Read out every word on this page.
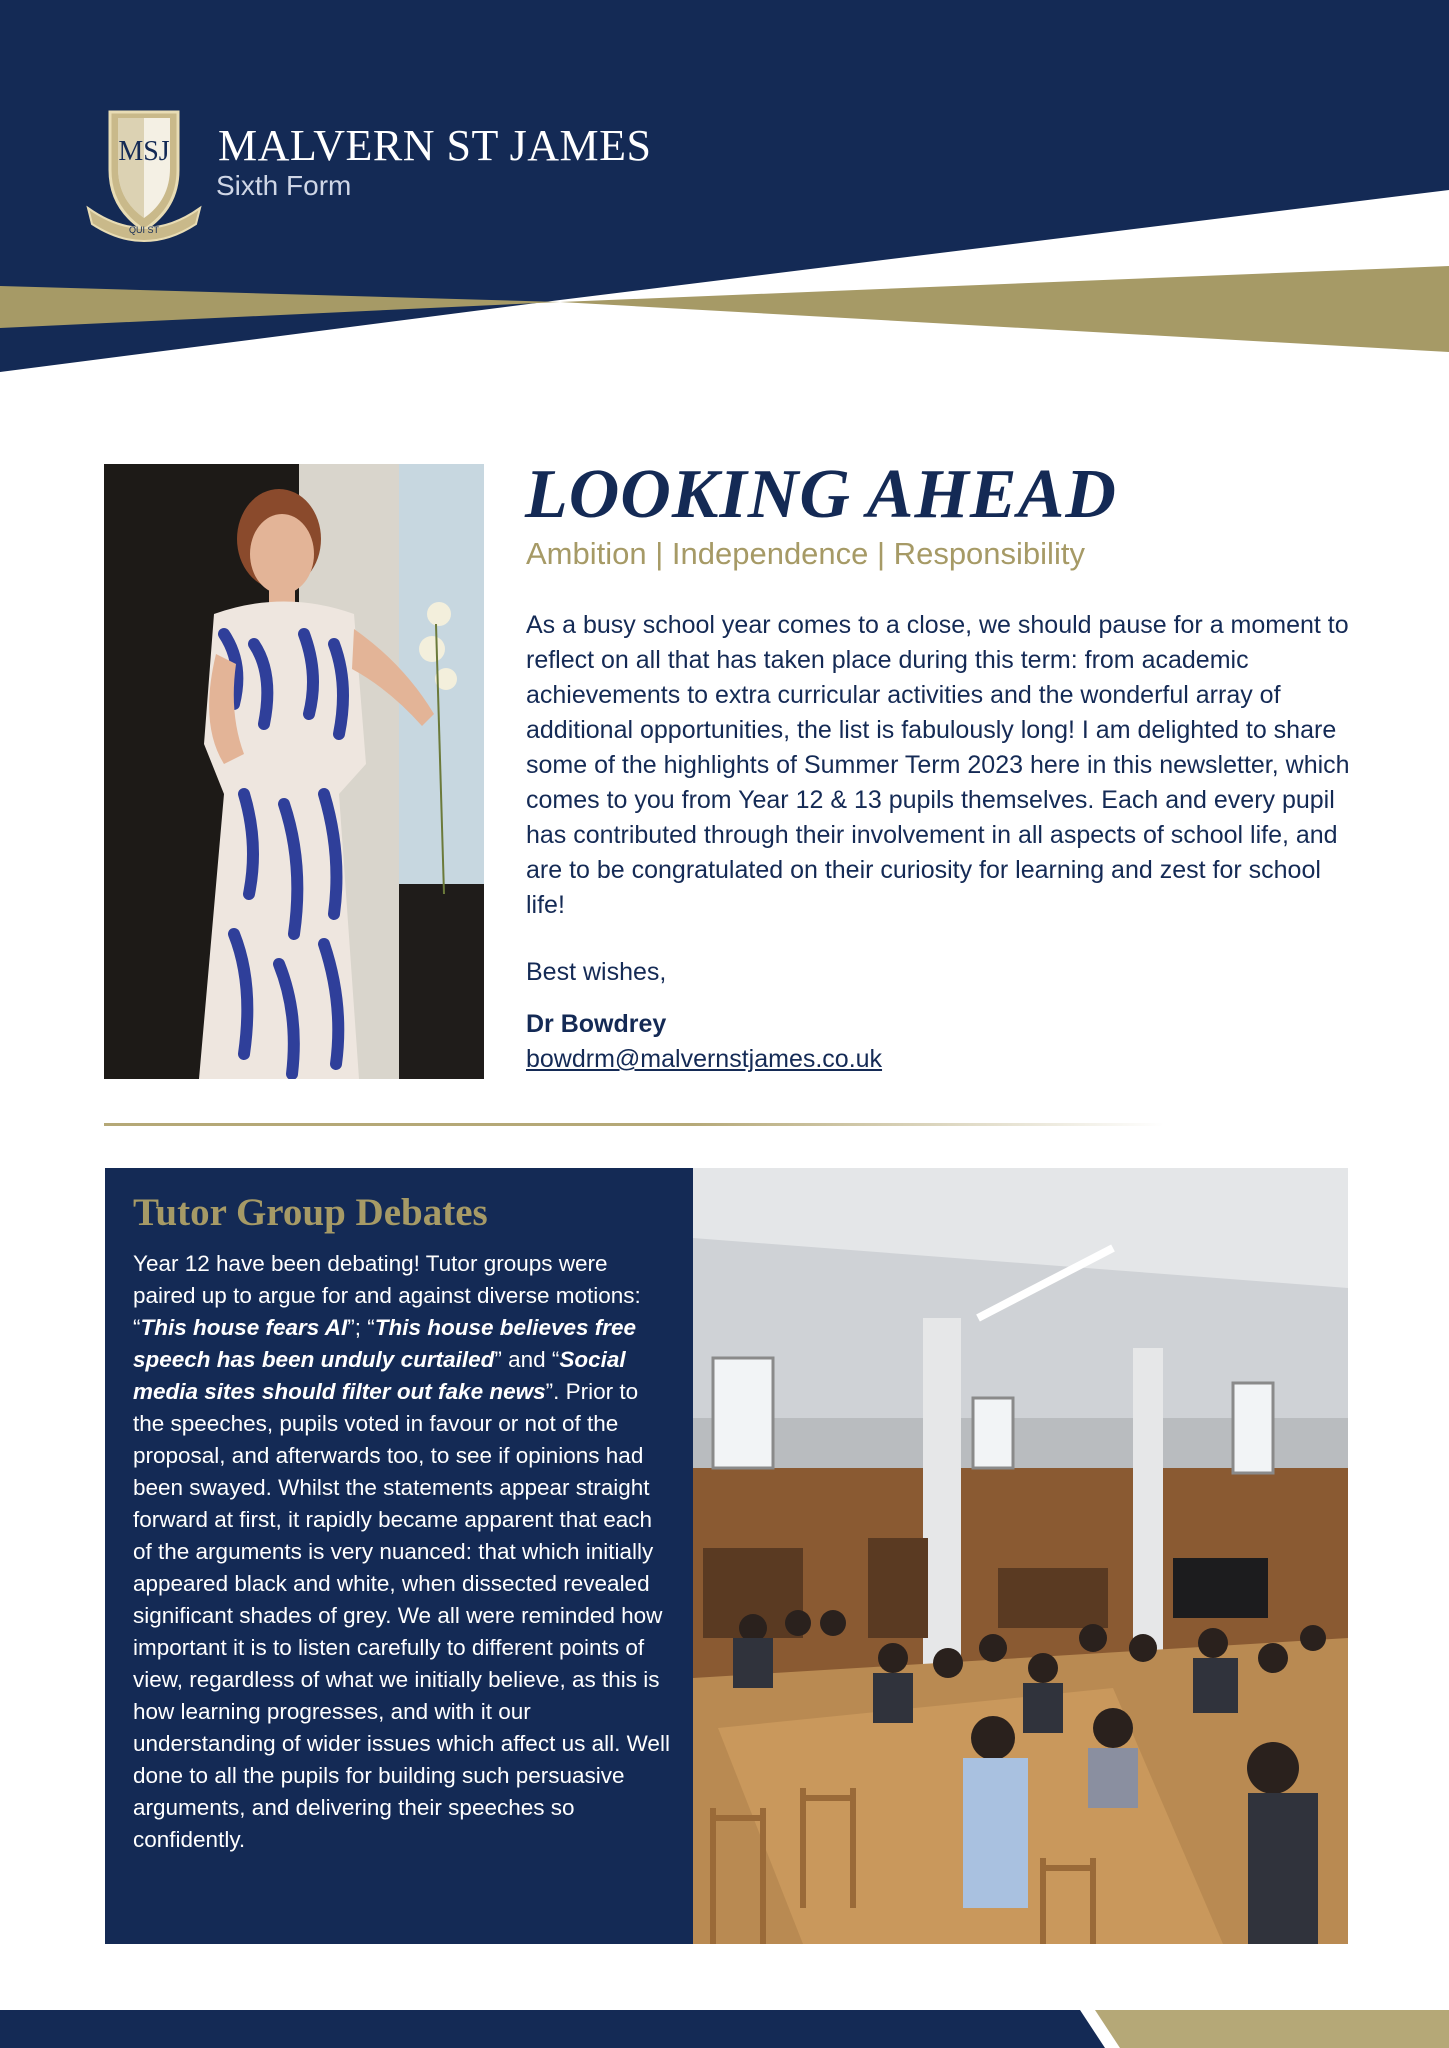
MSJ
QUI ST
MALVERN ST JAMES
Sixth Form
LOOKING AHEAD
Ambition | Independence | Responsibility

As a busy school year comes to a close, we should pause for a moment to reflect on all that has taken place during this term: from academic achievements to extra curricular activities and the wonderful array of additional opportunities, the list is fabulously long! I am delighted to share some of the highlights of Summer Term 2023 here in this newsletter, which comes to you from Year 12 & 13 pupils themselves. Each and every pupil has contributed through their involvement in all aspects of school life, and are to be congratulated on their curiosity for learning and zest for school life!

Best wishes,
Dr Bowdrey
bowdrm@malvernstjames.co.uk
Tutor Group Debates

Year 12 have been debating! Tutor groups were paired up to argue for and against diverse motions: “This house fears AI”; “This house believes free speech has been unduly curtailed” and “Social media sites should filter out fake news”. Prior to the speeches, pupils voted in favour or not of the proposal, and afterwards too, to see if opinions had been swayed. Whilst the statements appear straight forward at first, it rapidly became apparent that each of the arguments is very nuanced: that which initially appeared black and white, when dissected revealed significant shades of grey. We all were reminded how important it is to listen carefully to different points of view, regardless of what we initially believe, as this is how learning progresses, and with it our understanding of wider issues which affect us all. Well done to all the pupils for building such persuasive arguments, and delivering their speeches so confidently.
